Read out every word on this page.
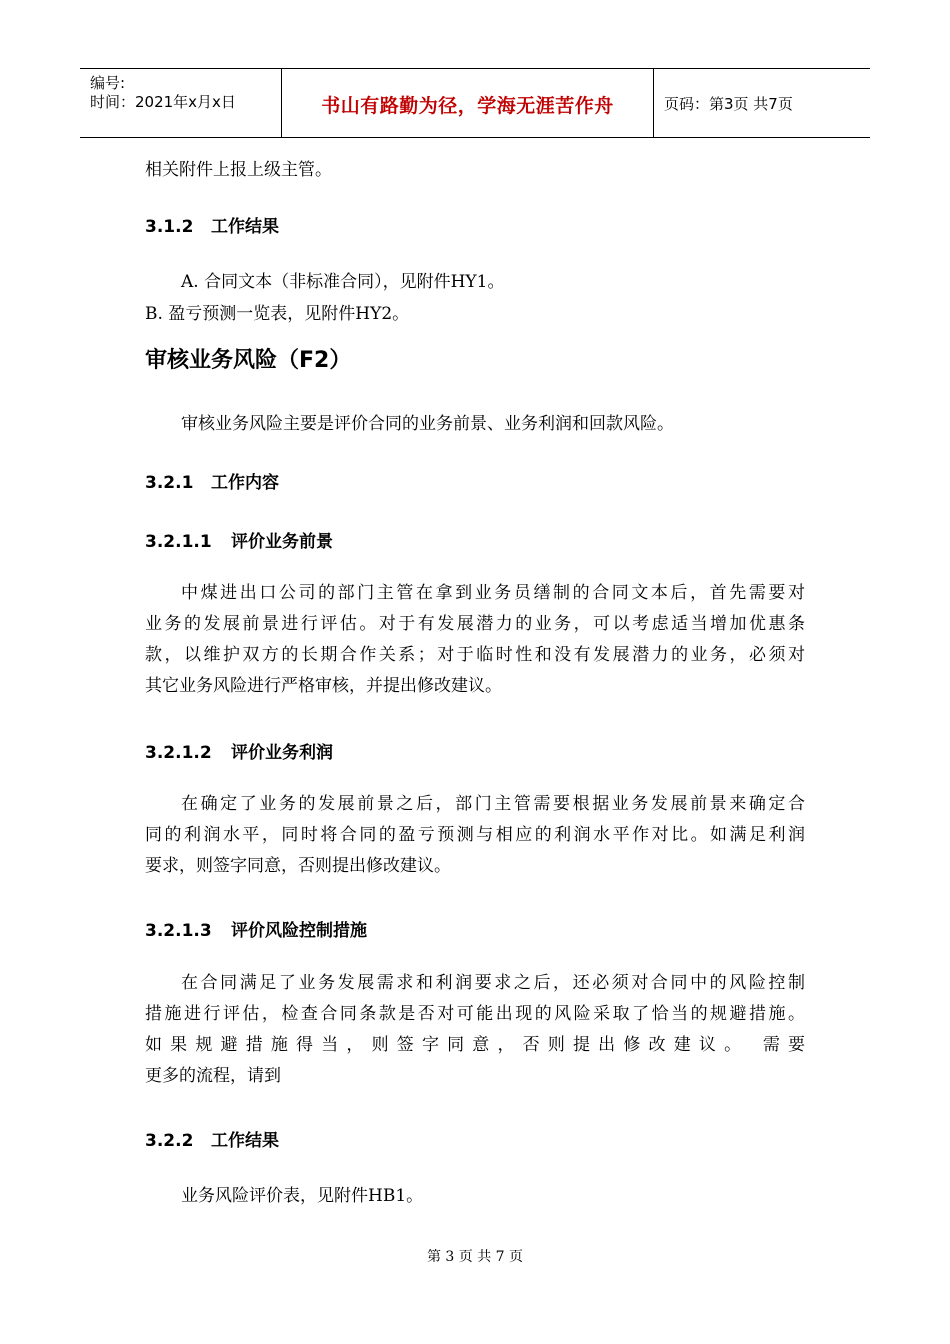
编号:
时间：2021年x月x日	书山有路勤为径，学海无涯苦作舟	页码：第3页 共7页
相关附件上报上级主管。
3.1.2 工作结果
A. 合同文本（非标准合同），见附件HY1。
B. 盈亏预测一览表，见附件HY2。
审核业务风险（F2）
审核业务风险主要是评价合同的业务前景、业务利润和回款风险。
3.2.1 工作内容
3.2.1.1 评价业务前景
中煤进出口公司的部门主管在拿到业务员缮制的合同文本后，首先需要对
业务的发展前景进行评估。对于有发展潜力的业务，可以考虑适当增加优惠条
款，以维护双方的长期合作关系；对于临时性和没有发展潜力的业务，必须对
其它业务风险进行严格审核，并提出修改建议。
3.2.1.2 评价业务利润
在确定了业务的发展前景之后，部门主管需要根据业务发展前景来确定合
同的利润水平，同时将合同的盈亏预测与相应的利润水平作对比。如满足利润
要求，则签字同意，否则提出修改建议。
3.2.1.3 评价风险控制措施
在合同满足了业务发展需求和利润要求之后，还必须对合同中的风险控制
措施进行评估，检查合同条款是否对可能出现的风险采取了恰当的规避措施。
如果规避措施得当，则签字同意，否则提出修改建议。 需要
更多的流程，请到
3.2.2 工作结果
业务风险评价表，见附件HB1。
第 3 页 共 7 页
